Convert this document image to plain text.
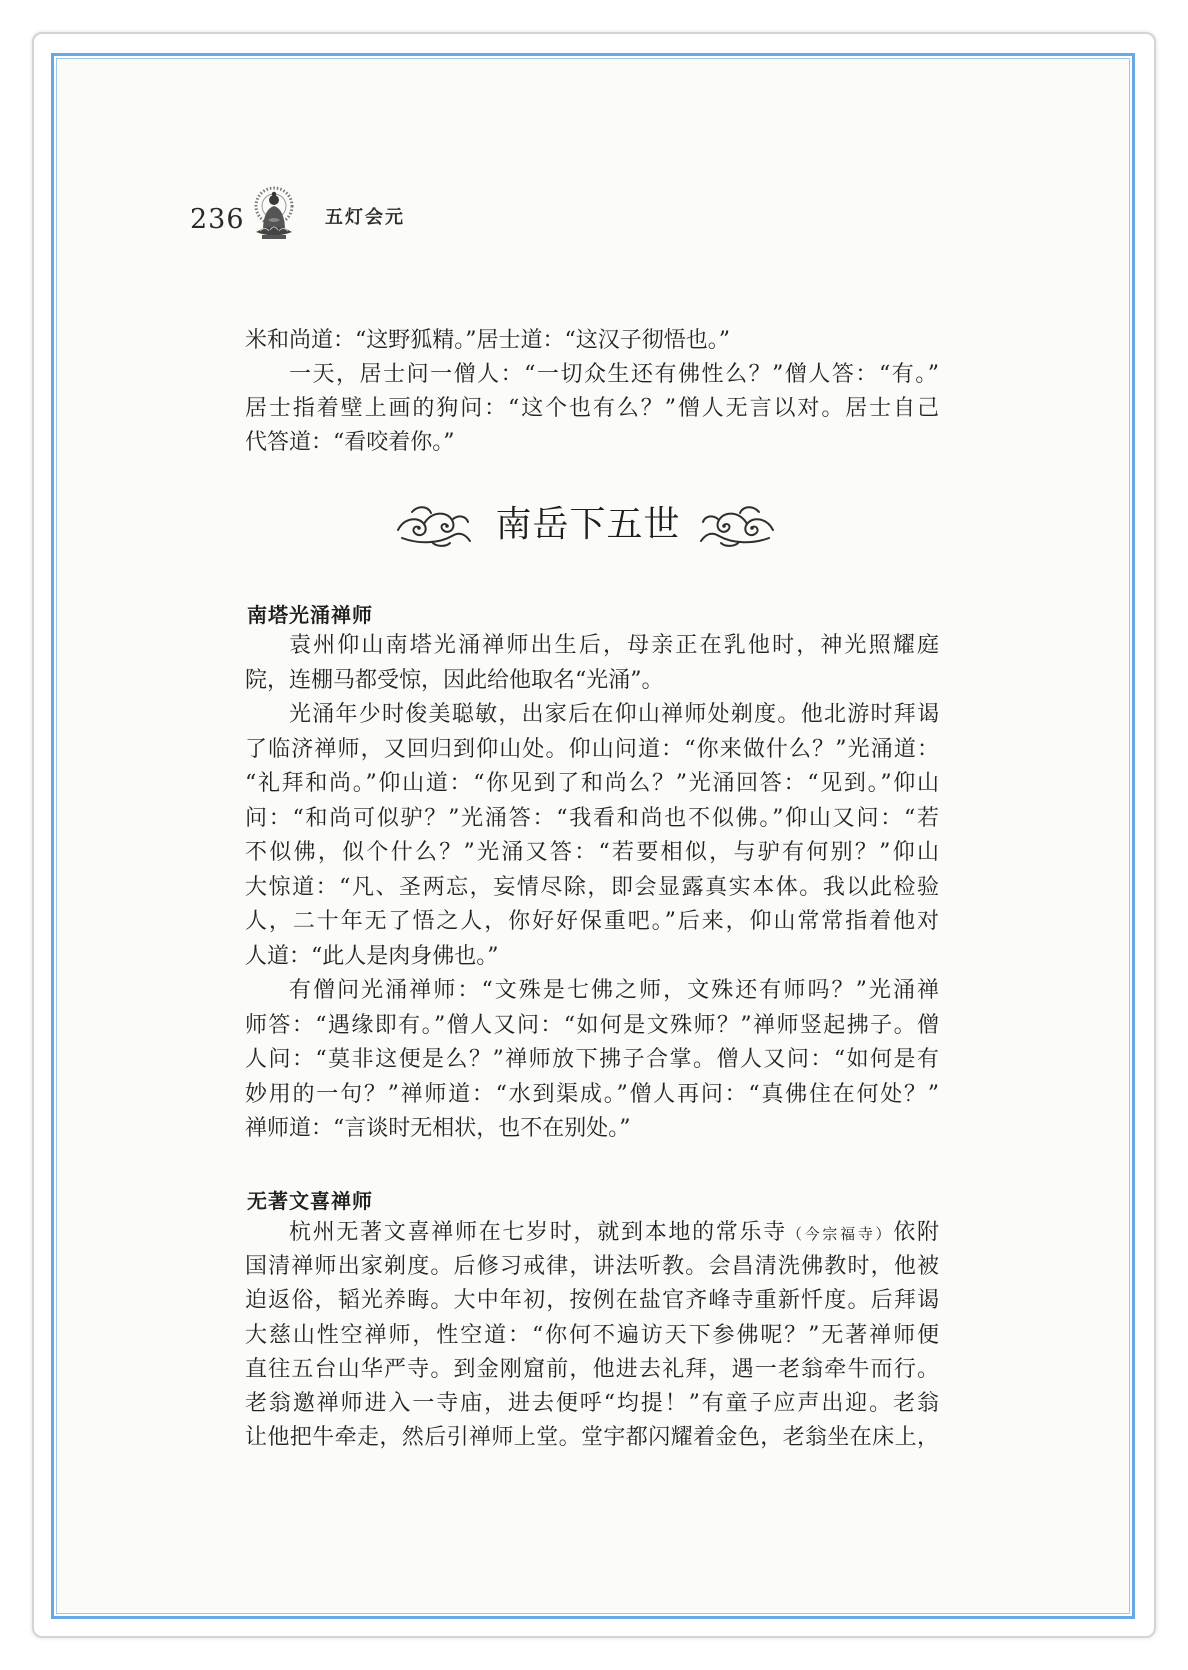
236	五灯会元
米和尚道：“这野狐精。”居士道：“这汉子彻悟也。”
一天，居士问一僧人：“一切众生还有佛性么？”僧人答：“有。”
居士指着壁上画的狗问：“这个也有么？”僧人无言以对。居士自己
代答道：“看咬着你。”
南岳下五世
南塔光涌禅师
袁州仰山南塔光涌禅师出生后，母亲正在乳他时，神光照耀庭
院，连棚马都受惊，因此给他取名“光涌”。
光涌年少时俊美聪敏，出家后在仰山禅师处剃度。他北游时拜谒
了临济禅师，又回归到仰山处。仰山问道：“你来做什么？”光涌道：
“礼拜和尚。”仰山道：“你见到了和尚么？”光涌回答：“见到。”仰山
问：“和尚可似驴？”光涌答：“我看和尚也不似佛。”仰山又问：“若
不似佛，似个什么？”光涌又答：“若要相似，与驴有何别？”仰山
大惊道：“凡、圣两忘，妄情尽除，即会显露真实本体。我以此检验
人，二十年无了悟之人，你好好保重吧。”后来，仰山常常指着他对
人道：“此人是肉身佛也。”
有僧问光涌禅师：“文殊是七佛之师，文殊还有师吗？”光涌禅
师答：“遇缘即有。”僧人又问：“如何是文殊师？”禅师竖起拂子。僧
人问：“莫非这便是么？”禅师放下拂子合掌。僧人又问：“如何是有
妙用的一句？”禅师道：“水到渠成。”僧人再问：“真佛住在何处？”
禅师道：“言谈时无相状，也不在别处。”
无著文喜禅师
杭州无著文喜禅师在七岁时，就到本地的常乐寺（今宗福寺）依附
国清禅师出家剃度。后修习戒律，讲法听教。会昌清洗佛教时，他被
迫返俗，韬光养晦。大中年初，按例在盐官齐峰寺重新忏度。后拜谒
大慈山性空禅师，性空道：“你何不遍访天下参佛呢？”无著禅师便
直往五台山华严寺。到金刚窟前，他进去礼拜，遇一老翁牵牛而行。
老翁邀禅师进入一寺庙，进去便呼“均提！”有童子应声出迎。老翁
让他把牛牵走，然后引禅师上堂。堂宇都闪耀着金色，老翁坐在床上，
